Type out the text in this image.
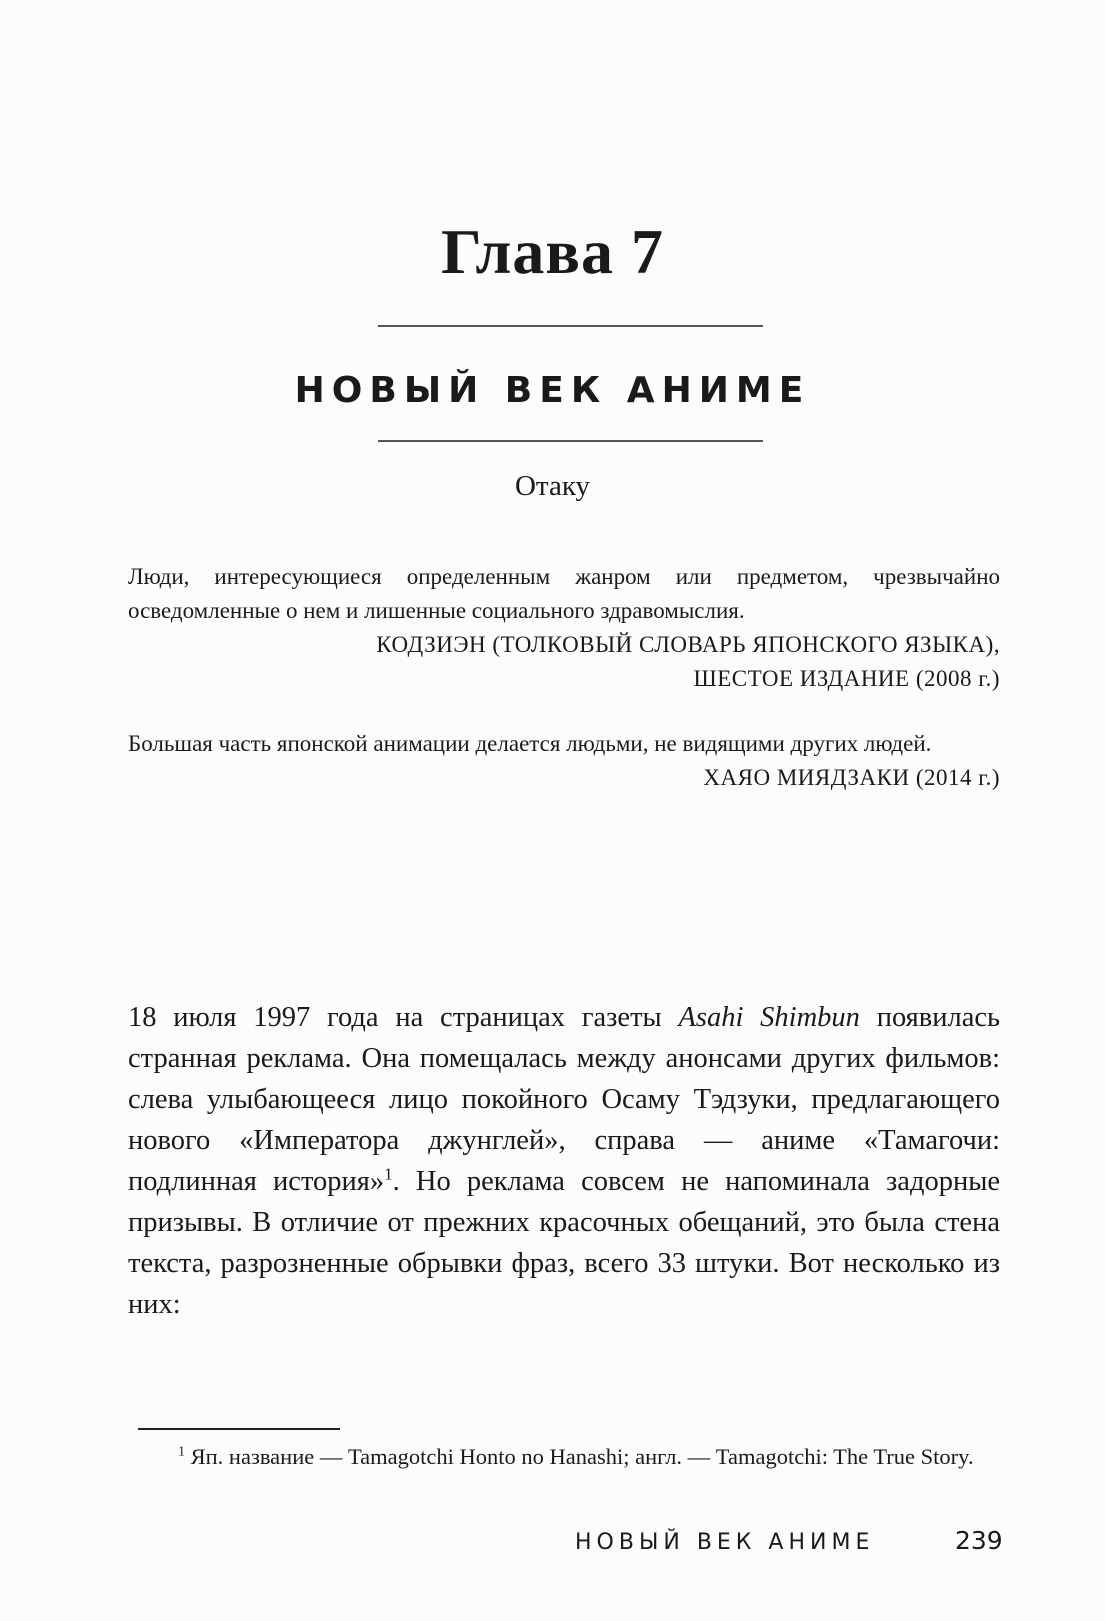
Глава 7
НОВЫЙ ВЕК АНИМЕ
Отаку

Люди, интересующиеся определенным жанром или предметом, чрезвычайно осведомленные о нем и лишенные социального здравомыслия.

КОДЗИЭН (ТОЛКОВЫЙ СЛОВАРЬ ЯПОНСКОГО ЯЗЫКА),
ШЕСТОЕ ИЗДАНИЕ (2008 г.)

Большая часть японской анимации делается людьми, не видящими других людей.

ХАЯО МИЯДЗАКИ (2014 г.)

18 июля 1997 года на страницах газеты Asahi Shimbun появилась странная реклама. Она помещалась между анонсами других фильмов: слева улыбающееся лицо покойного Осаму Тэдзуки, предлагающего нового «Императора джунглей», справа — аниме «Тамагочи: подлинная история»$^1$. Но реклама совсем не напоминала задорные призывы. В отличие от прежних красочных обещаний, это была стена текста, разрозненные обрывки фраз, всего 33 штуки. Вот несколько из них:

$^1$ Яп. название — Tamagotchi Honto no Hanashi; англ. — Tamagotchi: The True Story.

НОВЫЙ ВЕК АНИМЕ	239
